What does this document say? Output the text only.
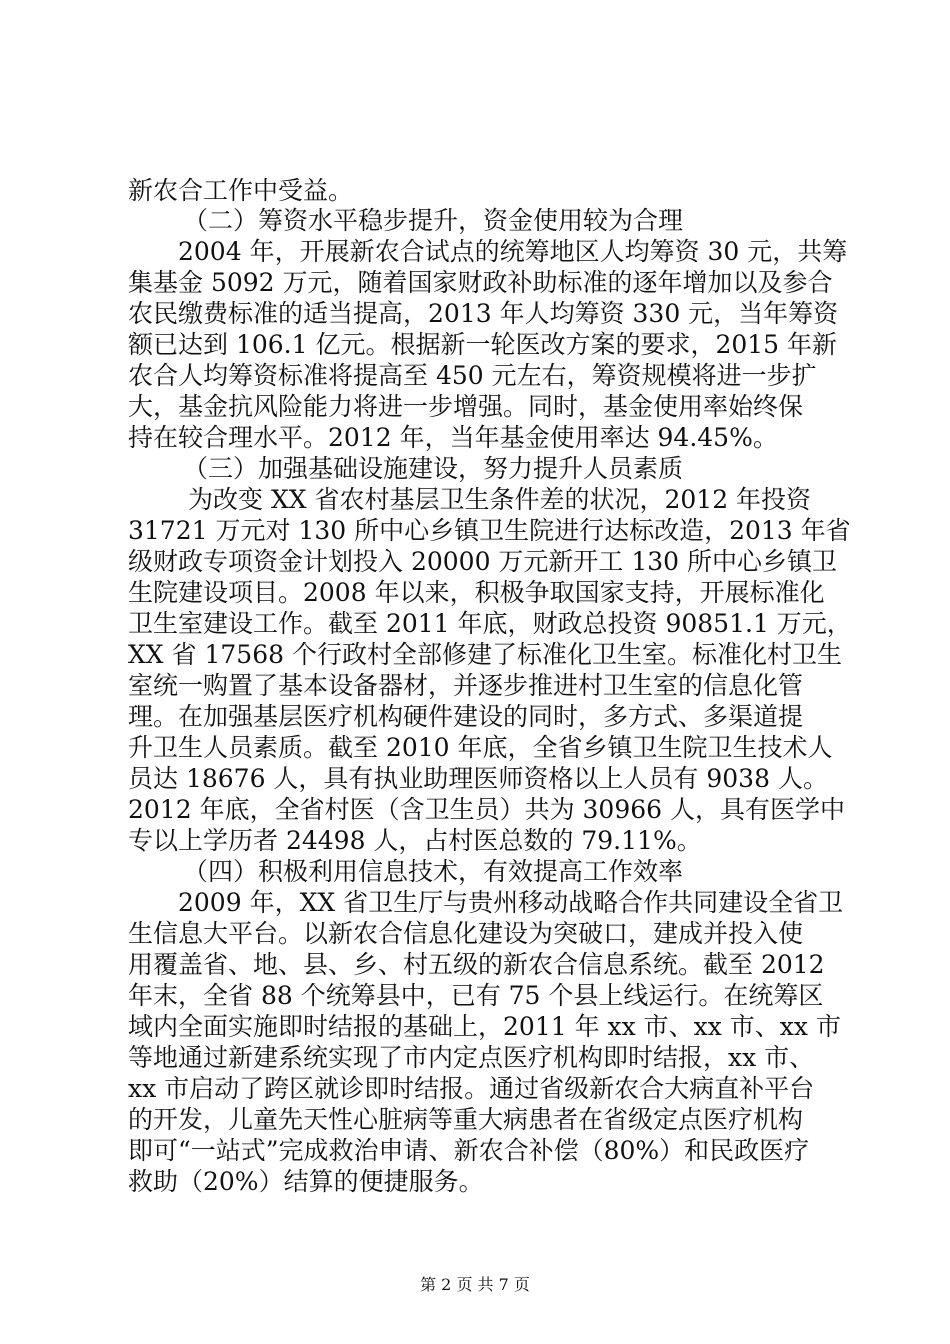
新农合工作中受益。
（二）筹资水平稳步提升，资金使用较为合理
2004 年，开展新农合试点的统筹地区人均筹资 30 元，共筹
集基金 5092 万元，随着国家财政补助标准的逐年增加以及参合
农民缴费标准的适当提高，2013 年人均筹资 330 元，当年筹资
额已达到 106.1 亿元。根据新一轮医改方案的要求，2015 年新
农合人均筹资标准将提高至 450 元左右，筹资规模将进一步扩
大，基金抗风险能力将进一步增强。同时，基金使用率始终保
持在较合理水平。2012 年，当年基金使用率达 94.45%。
（三）加强基础设施建设，努力提升人员素质
为改变 XX 省农村基层卫生条件差的状况，2012 年投资
31721 万元对 130 所中心乡镇卫生院进行达标改造，2013 年省
级财政专项资金计划投入 20000 万元新开工 130 所中心乡镇卫
生院建设项目。2008 年以来，积极争取国家支持，开展标准化
卫生室建设工作。截至 2011 年底，财政总投资 90851.1 万元，
XX 省 17568 个行政村全部修建了标准化卫生室。标准化村卫生
室统一购置了基本设备器材，并逐步推进村卫生室的信息化管
理。在加强基层医疗机构硬件建设的同时，多方式、多渠道提
升卫生人员素质。截至 2010 年底，全省乡镇卫生院卫生技术人
员达 18676 人，具有执业助理医师资格以上人员有 9038 人。
2012 年底，全省村医（含卫生员）共为 30966 人，具有医学中
专以上学历者 24498 人，占村医总数的 79.11%。
（四）积极利用信息技术，有效提高工作效率
2009 年，XX 省卫生厅与贵州移动战略合作共同建设全省卫
生信息大平台。以新农合信息化建设为突破口，建成并投入使
用覆盖省、地、县、乡、村五级的新农合信息系统。截至 2012
年末，全省 88 个统筹县中，已有 75 个县上线运行。在统筹区
域内全面实施即时结报的基础上，2011 年 xx 市、xx 市、xx 市
等地通过新建系统实现了市内定点医疗机构即时结报，xx 市、
xx 市启动了跨区就诊即时结报。通过省级新农合大病直补平台
的开发，儿童先天性心脏病等重大病患者在省级定点医疗机构
即可“一站式”完成救治申请、新农合补偿（80%）和民政医疗
救助（20%）结算的便捷服务。
第 2 页 共 7 页
